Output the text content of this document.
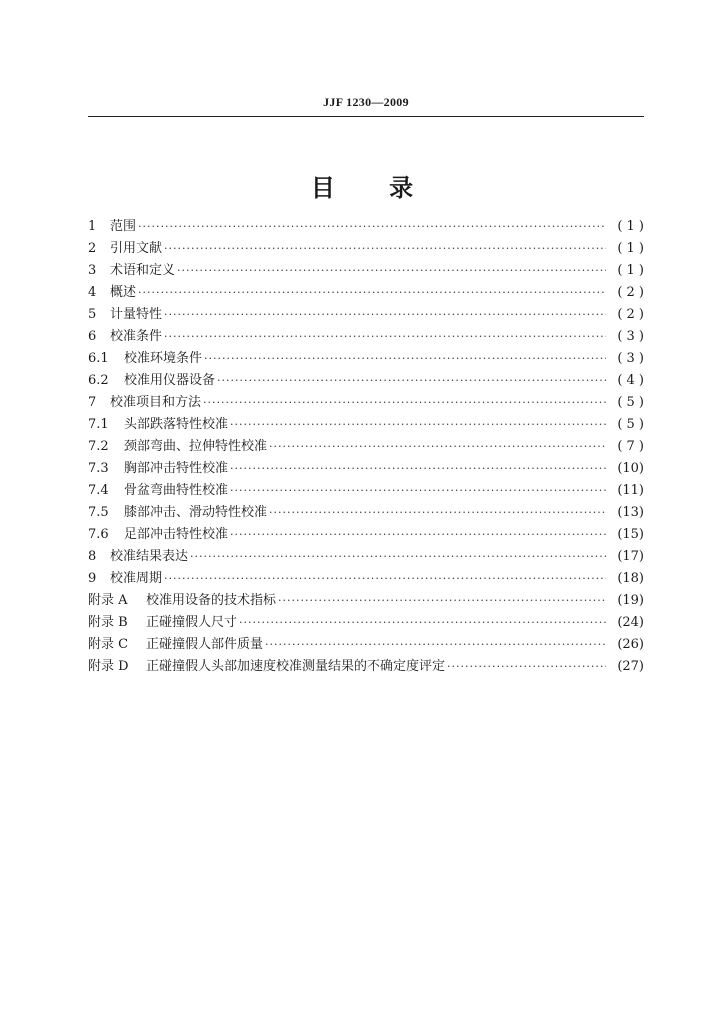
JJF 1230—2009
目 录
1	范围 ·····	( 1 )
2	引用文献 ·····	( 1 )
3	术语和定义 ·····	( 1 )
4	概述 ·····	( 2 )
5	计量特性 ·····	( 2 )
6	校准条件 ·····	( 3 )
6.1	校准环境条件 ·····	( 3 )
6.2	校准用仪器设备 ·····	( 4 )
7	校准项目和方法 ·····	( 5 )
7.1	头部跌落特性校准 ·····	( 5 )
7.2	颈部弯曲、拉伸特性校准 ·····	( 7 )
7.3	胸部冲击特性校准 ·····	(10)
7.4	骨盆弯曲特性校准 ·····	(11)
7.5	膝部冲击、滑动特性校准 ·····	(13)
7.6	足部冲击特性校准 ·····	(15)
8	校准结果表达 ·····	(17)
9	校准周期 ·····	(18)
附录 A	校准用设备的技术指标 ·····	(19)
附录 B	正碰撞假人尺寸 ·····	(24)
附录 C	正碰撞假人部件质量 ·····	(26)
附录 D	正碰撞假人头部加速度校准测量结果的不确定度评定 ·····	(27)
